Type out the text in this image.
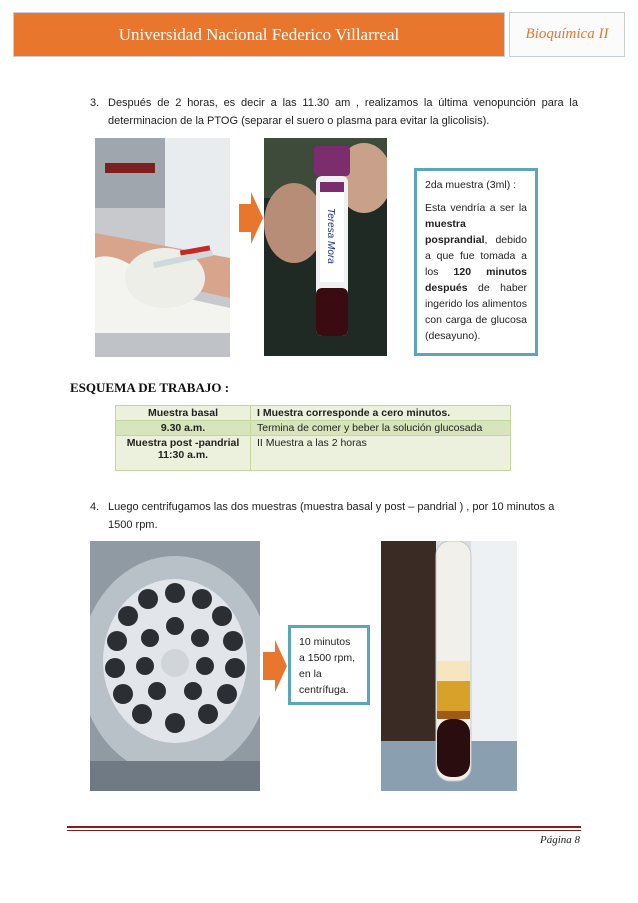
Universidad Nacional Federico Villarreal	Bioquímica II
3. Después de 2 horas, es decir a las 11.30 am , realizamos la última venopunción para la determinacion de la PTOG (separar el suero o plasma para evitar la glicolisis).
Teresa Mora

2da muestra (3ml) :

Esta vendría a ser la muestra posprandial, debido a que fue tomada a los 120 minutos después de haber ingerido los alimentos con carga de glucosa (desayuno).

ESQUEMA DE TRABAJO :
Muestra basal	I Muestra corresponde a cero minutos.
9.30 a.m.	Termina de comer y beber la solución glucosada
Muestra post -pandrial 11:30 a.m.	II Muestra a las 2 horas
4. Luego centrifugamos las dos muestras (muestra basal y post – pandrial ) , por 10 minutos a 1500 rpm.

10 minutos a 1500 rpm, en la centrífuga.

Página 8
